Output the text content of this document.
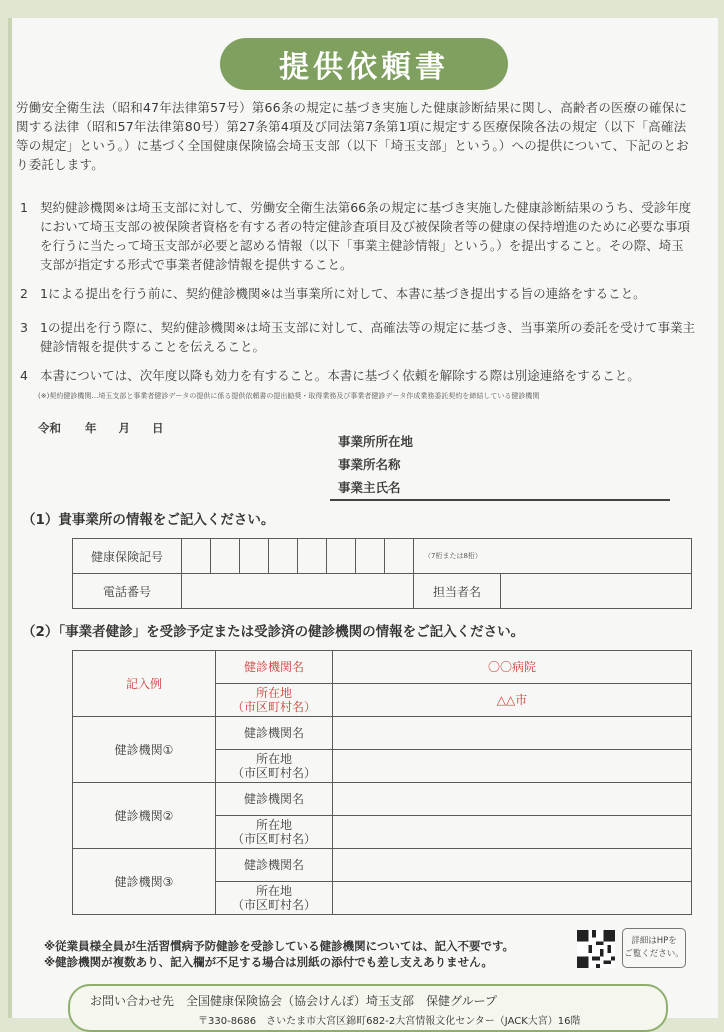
提供依頼書
労働安全衛生法（昭和47年法律第57号）第66条の規定に基づき実施した健康診断結果に関し、高齢者の医療の確保に関する法律（昭和57年法律第80号）第27条第4項及び同法第7条第1項に規定する医療保険各法の規定（以下「高確法等の規定」という。）に基づく全国健康保険協会埼玉支部（以下「埼玉支部」という。）への提供について、下記のとおり委託します。
1 契約健診機関※は埼玉支部に対して、労働安全衛生法第66条の規定に基づき実施した健康診断結果のうち、受診年度において埼玉支部の被保険者資格を有する者の特定健診査項目及び被保険者等の健康の保持増進のために必要な事項を行うに当たって埼玉支部が必要と認める情報（以下「事業主健診情報」という。）を提出すること。その際、埼玉支部が指定する形式で事業者健診情報を提供すること。
2 1による提出を行う前に、契約健診機関※は当事業所に対して、本書に基づき提出する旨の連絡をすること。
3 1の提出を行う際に、契約健診機関※は埼玉支部に対して、高確法等の規定に基づき、当事業所の委託を受けて事業主健診情報を提供することを伝えること。
4 本書については、次年度以降も効力を有すること。本書に基づく依頼を解除する際は別途連絡をすること。
(※)契約健診機関…埼玉支部と事業者健診データの提供に係る提供依頼書の提出勧奨・取得業務及び事業者健診データ作成業務委託契約を締結している健診機関
令和 年 月 日
事業所所在地
事業所名称
事業主氏名
（1）貴事業所の情報をご記入ください。
健康保険記号									（7桁または8桁）	
電話番号									担当者名	
（2）「事業者健診」を受診予定または受診済の健診機関の情報をご記入ください。
記入例	健診機関名	〇〇病院

	所在地
（市区町村名）	△△市
健診機関①	健診機関名	

	所在地
（市区町村名）	

健診機関②	健診機関名	

	所在地
（市区町村名）	

健診機関③	健診機関名	

	所在地
（市区町村名）	

※従業員様全員が生活習慣病予防健診を受診している健診機関については、記入不要です。
※健診機関が複数あり、記入欄が不足する場合は別紙の添付でも差し支えありません。
詳細はHPを
ご覧ください。
お問い合わせ先　全国健康保険協会（協会けんぽ）埼玉支部　保健グループ
〒330-8686　さいたま市大宮区錦町682-2大宮情報文化センター（JACK大宮）16階
